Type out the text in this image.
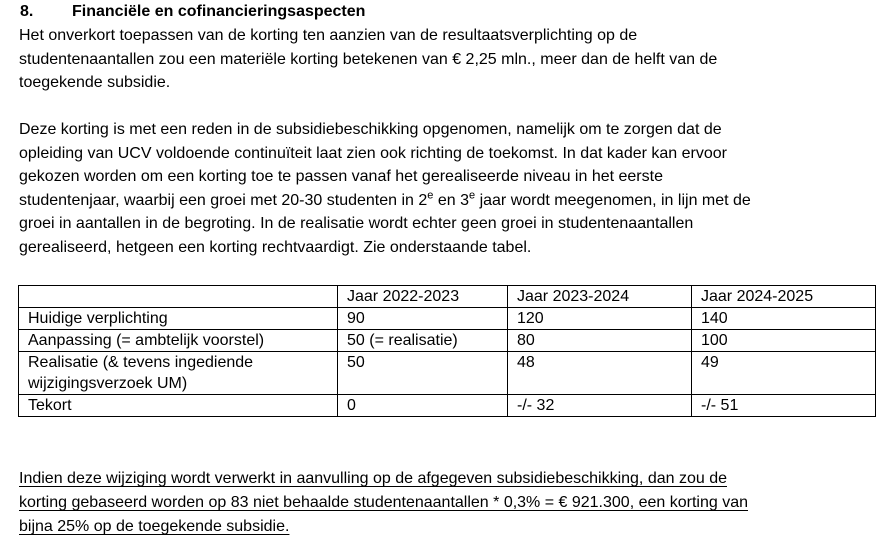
8. Financiële en cofinancieringsaspecten
Het onverkort toepassen van de korting ten aanzien van de resultaatsverplichting op de
studentenaantallen zou een materiële korting betekenen van € 2,25 mln., meer dan de helft van de
toegekende subsidie.
Deze korting is met een reden in de subsidiebeschikking opgenomen, namelijk om te zorgen dat de
opleiding van UCV voldoende continuïteit laat zien ook richting de toekomst. In dat kader kan ervoor
gekozen worden om een korting toe te passen vanaf het gerealiseerde niveau in het eerste
studentenjaar, waarbij een groei met 20-30 studenten in 2e en 3e jaar wordt meegenomen, in lijn met de
groei in aantallen in de begroting. In de realisatie wordt echter geen groei in studentenaantallen
gerealiseerd, hetgeen een korting rechtvaardigt. Zie onderstaande tabel.
	Jaar 2022-2023	Jaar 2023-2024	Jaar 2024-2025
Huidige verplichting	90	120	140
Aanpassing (= ambtelijk voorstel)	50 (= realisatie)	80	100
Realisatie (& tevens ingediende wijzigingsverzoek UM)	50	48	49
Tekort	0	-/- 32	-/- 51
Indien deze wijziging wordt verwerkt in aanvulling op de afgegeven subsidiebeschikking, dan zou de
korting gebaseerd worden op 83 niet behaalde studentenaantallen * 0,3% = € 921.300, een korting van
bijna 25% op de toegekende subsidie.
